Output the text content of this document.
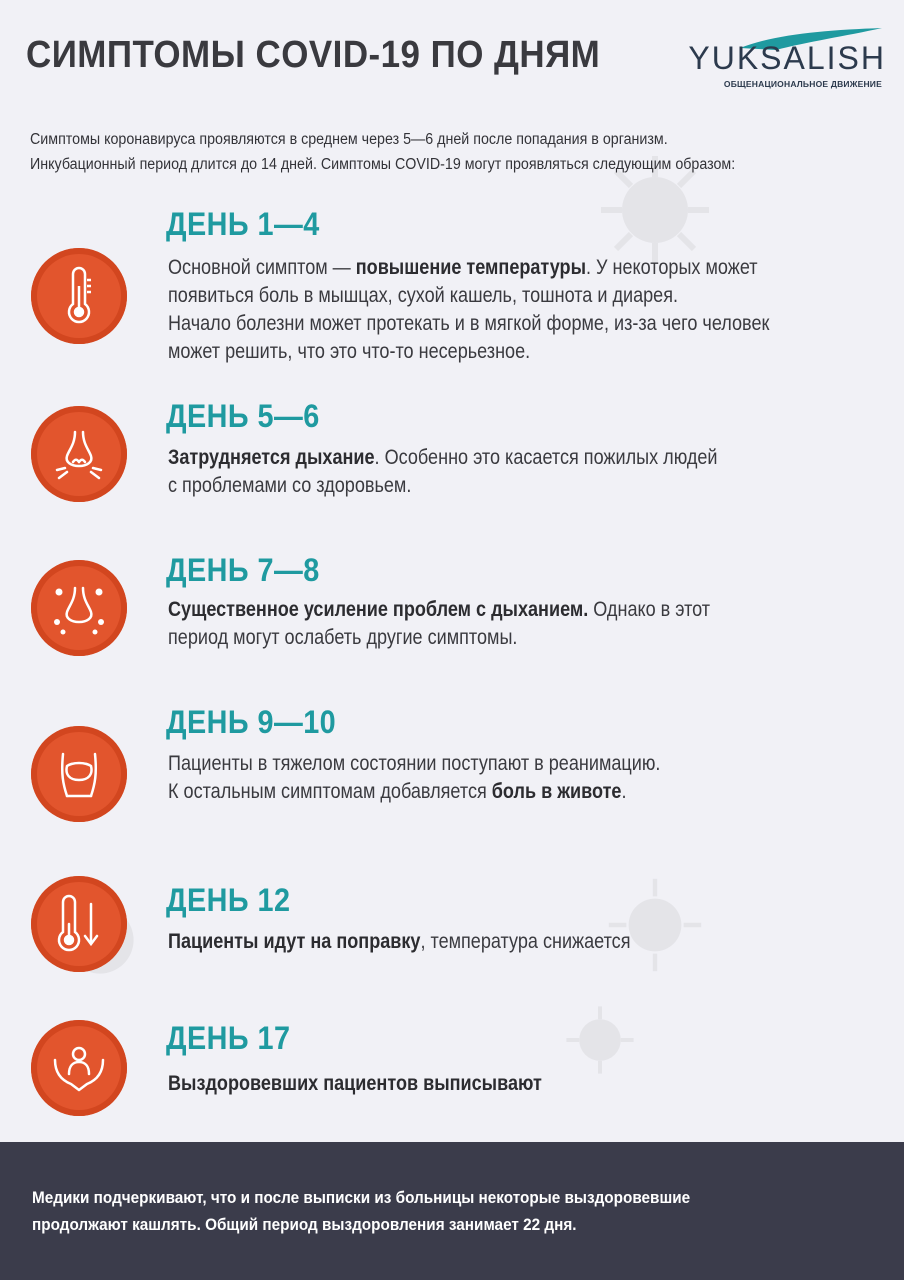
СИМПТОМЫ COVID-19 ПО ДНЯМ	YUKSALISH
ОБЩЕНАЦИОНАЛЬНОЕ ДВИЖЕНИЕ

Симптомы коронавируса проявляются в среднем через 5—6 дней после попадания в организм.

Инкубационный период длится до 14 дней. Симптомы COVID-19 могут проявляться следующим образом:

ДЕНЬ 1—4

Основной симптом — повышение температуры. У некоторых может

появиться боль в мышцах, сухой кашель, тошнота и диарея.

Начало болезни может протекать и в мягкой форме, из-за чего человек

может решить, что это что-то несерьезное.

ДЕНЬ 5—6

Затрудняется дыхание. Особенно это касается пожилых людей

с проблемами со здоровьем.

ДЕНЬ 7—8

Существенное усиление проблем с дыханием. Однако в этот

период могут ослабеть другие симптомы.

ДЕНЬ 9—10

Пациенты в тяжелом состоянии поступают в реанимацию.

К остальным симптомам добавляется боль в животе.

ДЕНЬ 12

Пациенты идут на поправку, температура снижается

ДЕНЬ 17

Выздоровевших пациентов выписывают

Медики подчеркивают, что и после выписки из больницы некоторые выздоровевшие

продолжают кашлять. Общий период выздоровления занимает 22 дня.
